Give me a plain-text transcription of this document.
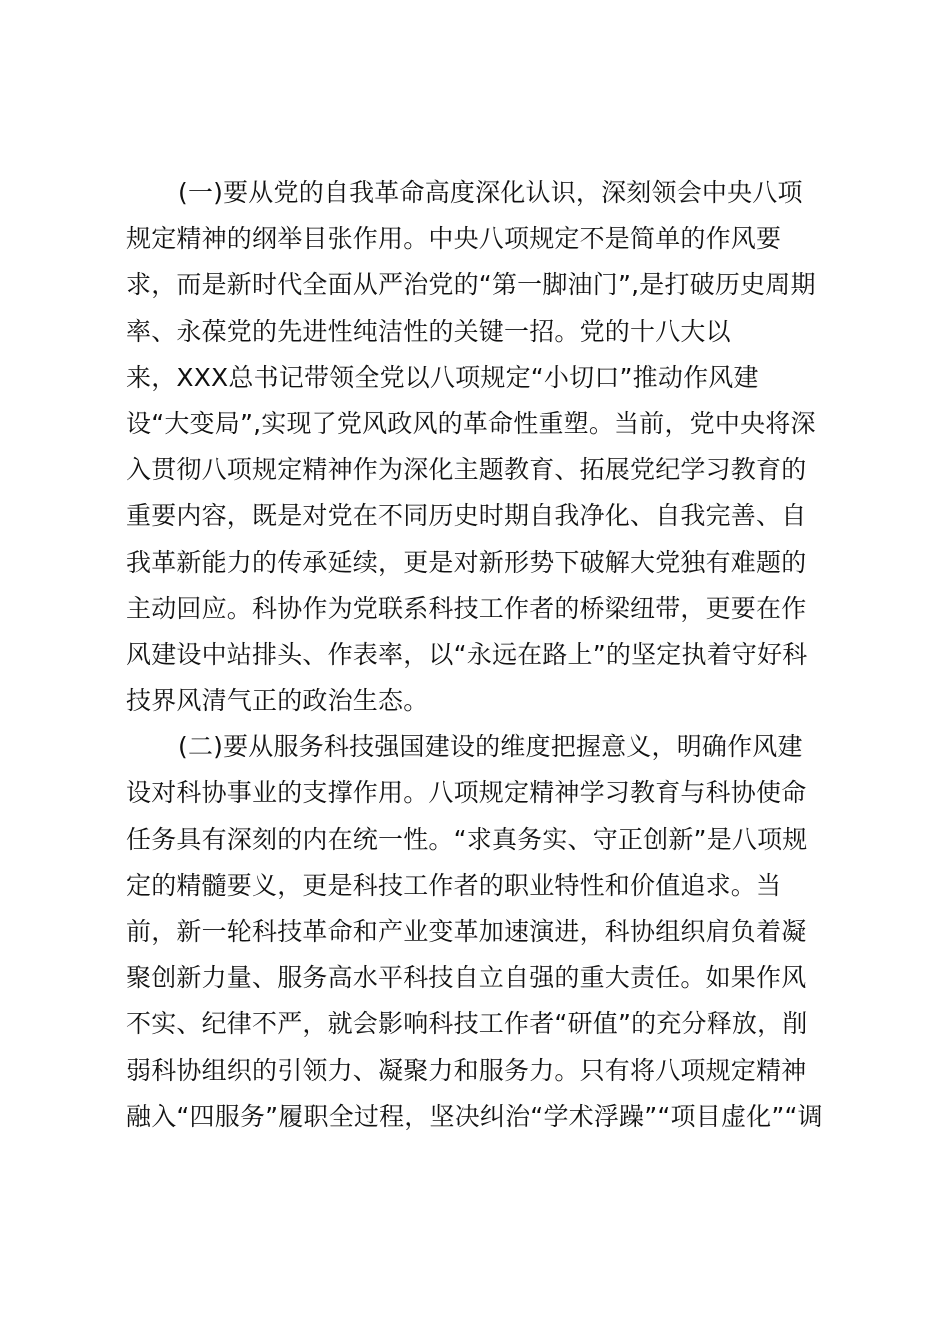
(一)要从党的自我革命高度深化认识，深刻领会中央八项
规定精神的纲举目张作用。中央八项规定不是简单的作风要
求，而是新时代全面从严治党的“第一脚油门”,是打破历史周期
率、永葆党的先进性纯洁性的关键一招。党的十八大以
来，XXX总书记带领全党以八项规定“小切口”推动作风建
设“大变局”,实现了党风政风的革命性重塑。当前，党中央将深
入贯彻八项规定精神作为深化主题教育、拓展党纪学习教育的
重要内容，既是对党在不同历史时期自我净化、自我完善、自
我革新能力的传承延续，更是对新形势下破解大党独有难题的
主动回应。科协作为党联系科技工作者的桥梁纽带，更要在作
风建设中站排头、作表率，以“永远在路上”的坚定执着守好科
技界风清气正的政治生态。
(二)要从服务科技强国建设的维度把握意义，明确作风建
设对科协事业的支撑作用。八项规定精神学习教育与科协使命
任务具有深刻的内在统一性。“求真务实、守正创新”是八项规
定的精髓要义，更是科技工作者的职业特性和价值追求。当
前，新一轮科技革命和产业变革加速演进，科协组织肩负着凝
聚创新力量、服务高水平科技自立自强的重大责任。如果作风
不实、纪律不严，就会影响科技工作者“研值”的充分释放，削
弱科协组织的引领力、凝聚力和服务力。只有将八项规定精神
融入“四服务”履职全过程，坚决纠治“学术浮躁”“项目虚化”“调
